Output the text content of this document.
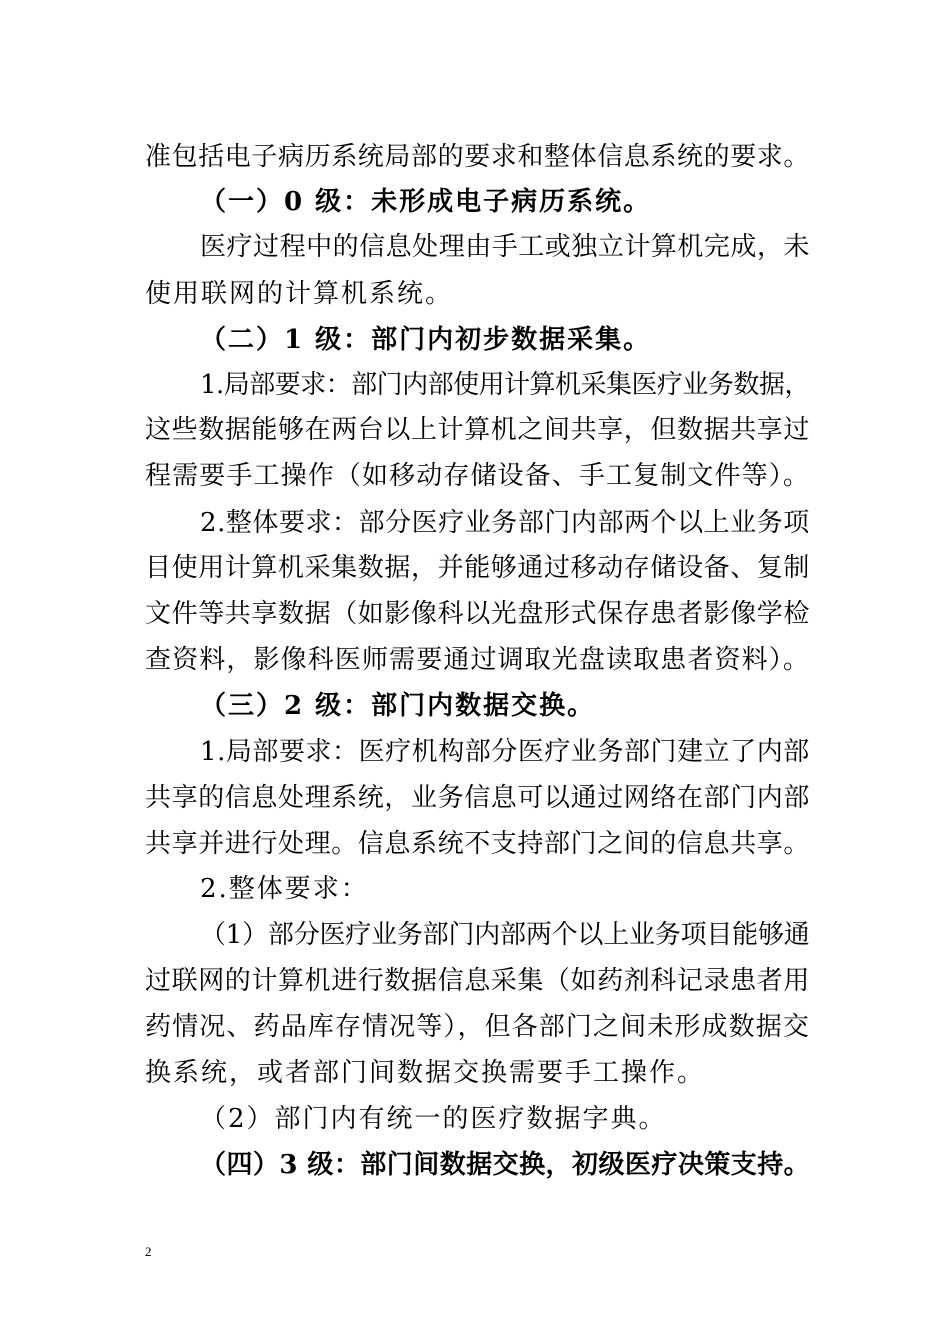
准包括电子病历系统局部的要求和整体信息系统的要求。
（一）0 级：未形成电子病历系统。
医疗过程中的信息处理由手工或独立计算机完成，未
使用联网的计算机系统。
（二）1 级：部门内初步数据采集。
1.局部要求：部门内部使用计算机采集医疗业务数据，
这些数据能够在两台以上计算机之间共享，但数据共享过
程需要手工操作（如移动存储设备、手工复制文件等）。
2.整体要求：部分医疗业务部门内部两个以上业务项
目使用计算机采集数据，并能够通过移动存储设备、复制
文件等共享数据（如影像科以光盘形式保存患者影像学检
查资料，影像科医师需要通过调取光盘读取患者资料）。
（三）2 级：部门内数据交换。
1.局部要求：医疗机构部分医疗业务部门建立了内部
共享的信息处理系统，业务信息可以通过网络在部门内部
共享并进行处理。信息系统不支持部门之间的信息共享。
2.整体要求：
（1）部分医疗业务部门内部两个以上业务项目能够通
过联网的计算机进行数据信息采集（如药剂科记录患者用
药情况、药品库存情况等），但各部门之间未形成数据交
换系统，或者部门间数据交换需要手工操作。
（2）部门内有统一的医疗数据字典。
（四）3 级：部门间数据交换，初级医疗决策支持。
2
